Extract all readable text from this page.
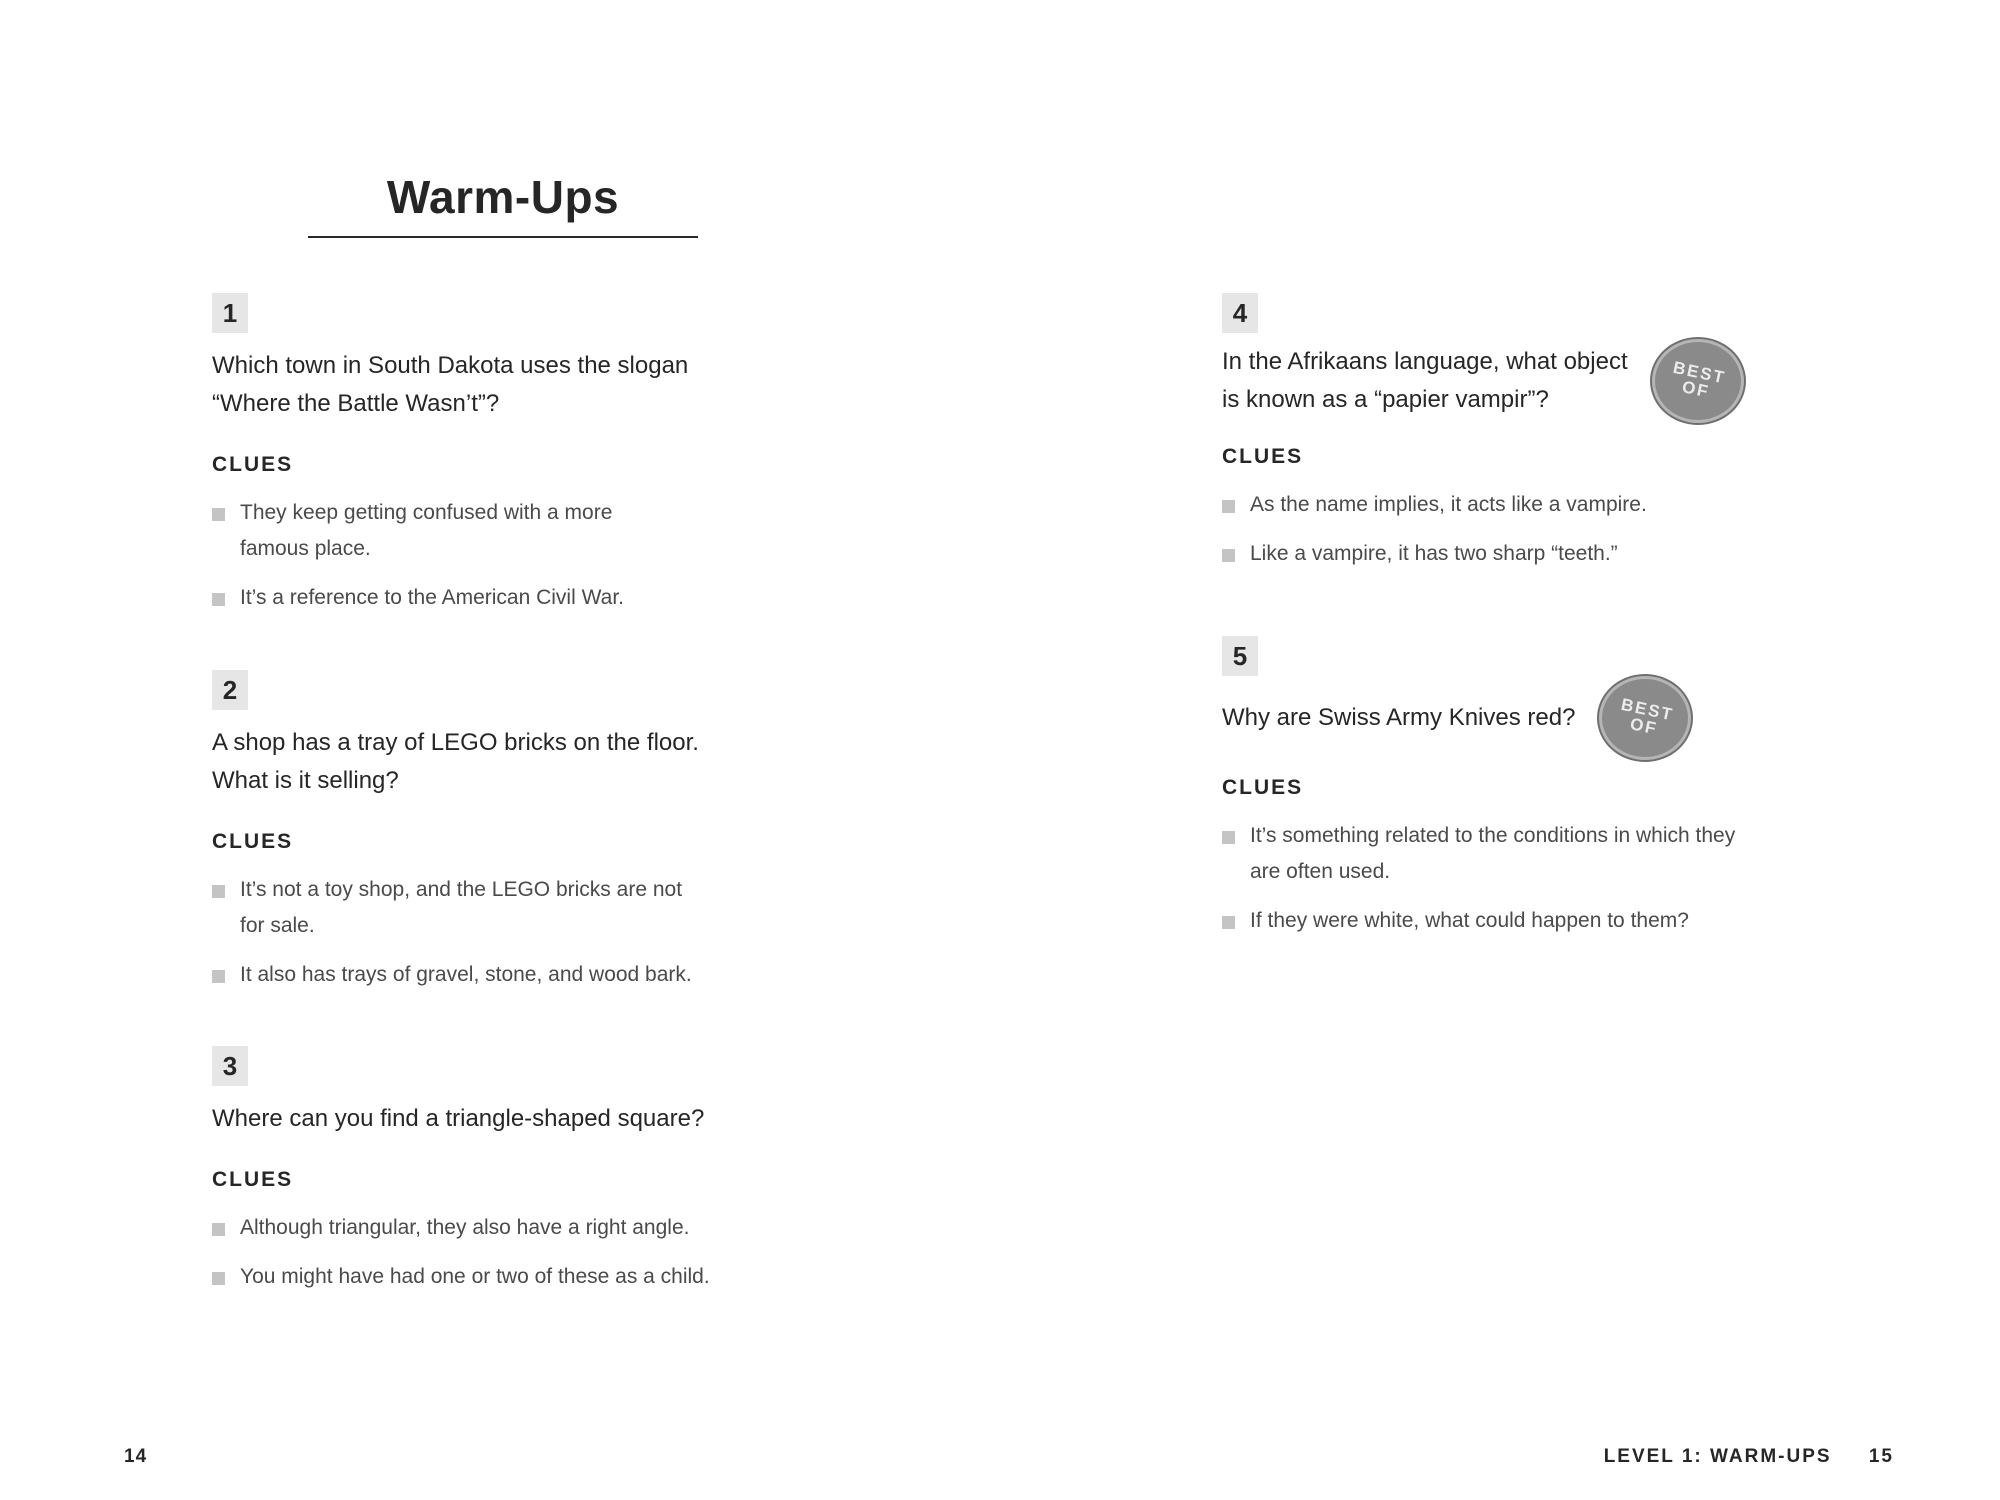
Warm-Ups
1
Which town in South Dakota uses the slogan
“Where the Battle Wasn’t”?
CLUES
They keep getting confused with a more
famous place.
It’s a reference to the American Civil War.
2
A shop has a tray of LEGO bricks on the floor.
What is it selling?
CLUES
It’s not a toy shop, and the LEGO bricks are not
for sale.
It also has trays of gravel, stone, and wood bark.
3
Where can you find a triangle-shaped square?
CLUES
Although triangular, they also have a right angle.
You might have had one or two of these as a child.
4
In the Afrikaans language, what object
is known as a “papier vampir”?
BEST
OF
CLUES
As the name implies, it acts like a vampire.
Like a vampire, it has two sharp “teeth.”
5
Why are Swiss Army Knives red?	BEST
OF
CLUES
It’s something related to the conditions in which they
are often used.
If they were white, what could happen to them?
14	LEVEL 1: WARM-UPS 15
